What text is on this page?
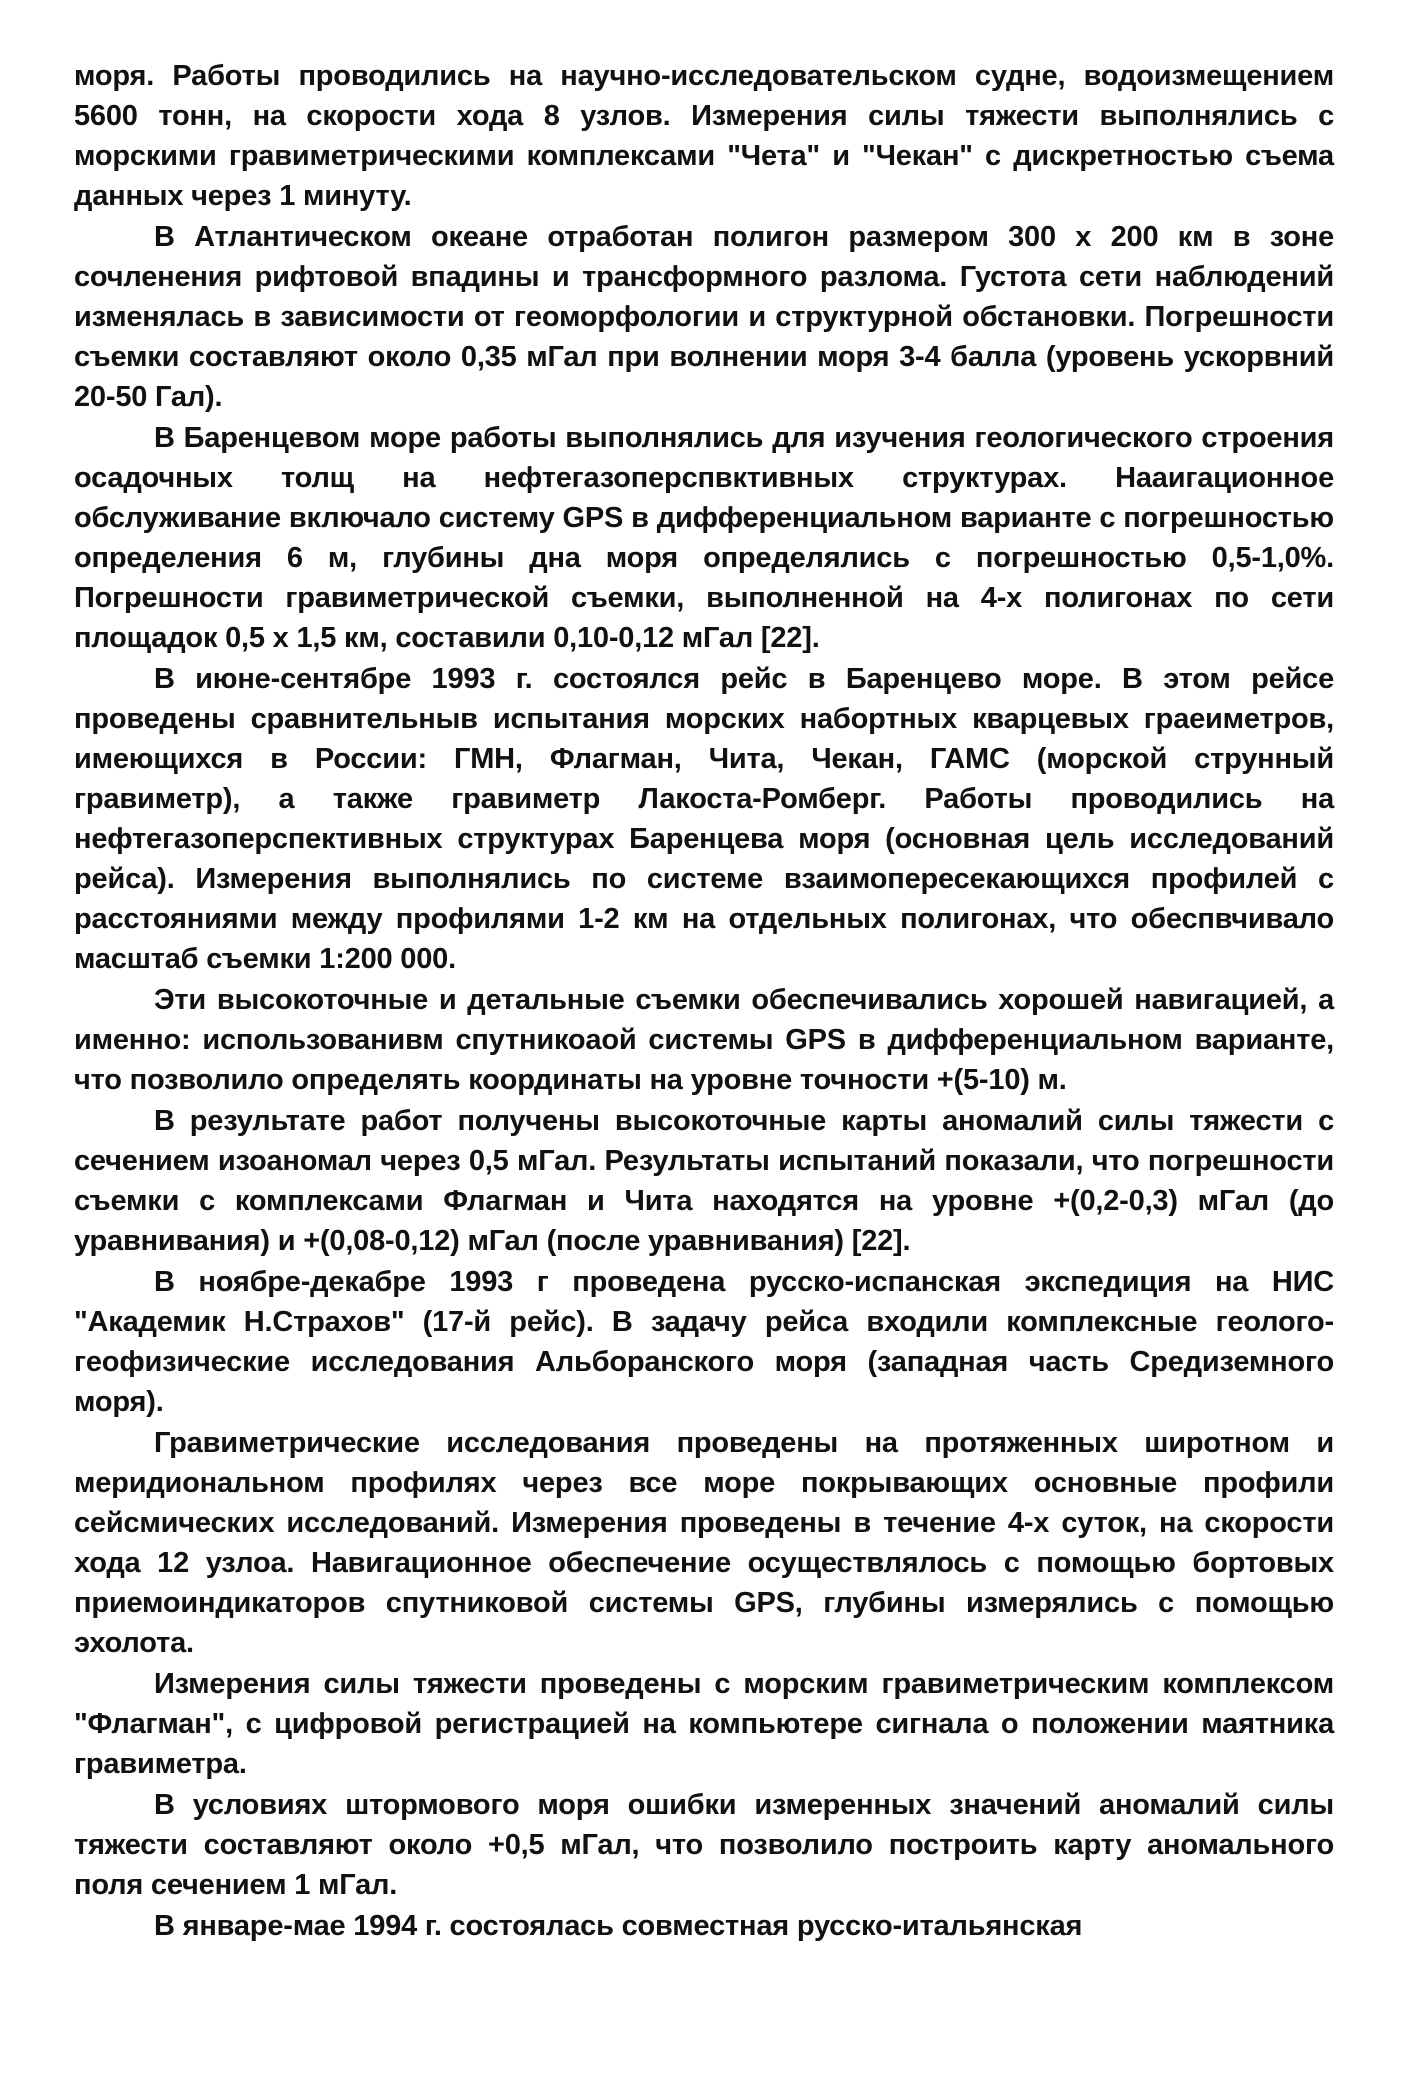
моря. Работы проводились на научно-исследовательском судне, водоизмещением 5600 тонн, на скорости хода 8 узлов. Измерения силы тяжести выполнялись с морскими гравиметрическими комплексами "Чета" и "Чекан" с дискретностью съема данных через 1 минуту.

В Атлантическом океане отработан полигон размером 300 х 200 км в зоне сочленения рифтовой впадины и трансформного разлома. Густота сети наблюдений изменялась в зависимости от геоморфологии и структурной обстановки. Погрешности съемки составляют около 0,35 мГал при волнении моря 3-4 балла (уровень ускорвний 20-50 Гал).

В Баренцевом море работы выполнялись для изучения геологического строения осадочных толщ на нефтегазоперспвктивных структурах. Нааигационное обслуживание включало систему GPS в дифференциальном варианте с погрешностью определения 6 м, глубины дна моря определялись с погрешностью 0,5-1,0%. Погрешности гравиметрической съемки, выполненной на 4-х полигонах по сети площадок 0,5 х 1,5 км, составили 0,10-0,12 мГал [22].

В июне-сентябре 1993 г. состоялся рейс в Баренцево море. В этом рейсе проведены сравнительныв испытания морских набортных кварцевых граеиметров, имеющихся в России: ГМН, Флагман, Чита, Чекан, ГАМС (морской струнный гравиметр), а также гравиметр Лакоста-Ромберг. Работы проводились на нефтегазоперспективных структурах Баренцева моря (основная цель исследований рейса). Измерения выполнялись по системе взаимопересекающихся профилей с расстояниями между профилями 1-2 км на отдельных полигонах, что обеспвчивало масштаб съемки 1:200 000.

Эти высокоточные и детальные съемки обеспечивались хорошей навигацией, а именно: использованивм спутникоаой системы GPS в дифференциальном варианте, что позволило определять координаты на уровне точности +(5-10) м.

В результате работ получены высокоточные карты аномалий силы тяжести с сечением изоаномал через 0,5 мГал. Результаты испытаний показали, что погрешности съемки с комплексами Флагман и Чита находятся на уровне +(0,2-0,3) мГал (до уравнивания) и +(0,08-0,12) мГал (после уравнивания) [22].

В ноябре-декабре 1993 г проведена русско-испанская экспедиция на НИС "Академик Н.Страхов" (17-й рейс). В задачу рейса входили комплексные геолого-геофизические исследования Альборанского моря (западная часть Средиземного моря).

Гравиметрические исследования проведены на протяженных широтном и меридиональном профилях через все море покрывающих основные профили сейсмических исследований. Измерения проведены в течение 4-х суток, на скорости хода 12 узлоа. Навигационное обеспечение осуществлялось с помощью бортовых приемоиндикаторов спутниковой системы GPS, глубины измерялись с помощью эхолота.

Измерения силы тяжести проведены с морским гравиметрическим комплексом "Флагман", с цифровой регистрацией на компьютере сигнала о положении маятника гравиметра.

В условиях штормового моря ошибки измеренных значений аномалий силы тяжести составляют около +0,5 мГал, что позволило построить карту аномального поля сечением 1 мГал.

В январе-мае 1994 г. состоялась совместная русско-итальянская
